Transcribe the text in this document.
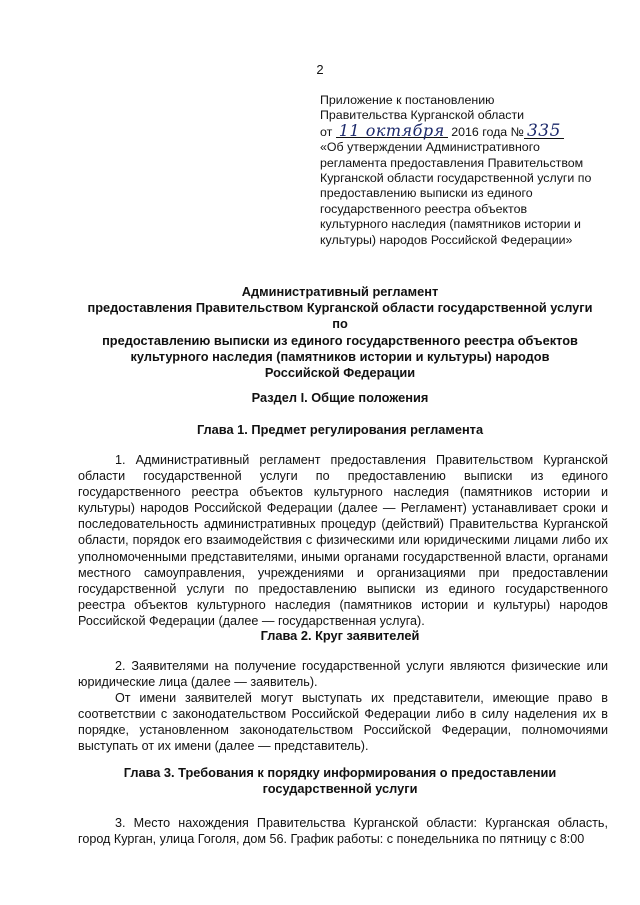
2
Приложение к постановлению
Правительства Курганской области
от 11 октября 2016 года № 335
«Об утверждении Административного
регламента предоставления Правительством
Курганской области государственной услуги по
предоставлению выписки из единого
государственного реестра объектов
культурного наследия (памятников истории и
культуры) народов Российской Федерации»
Административный регламент
предоставления Правительством Курганской области государственной услуги по
предоставлению выписки из единого государственного реестра объектов
культурного наследия (памятников истории и культуры) народов
Российской Федерации
Раздел I. Общие положения
Глава 1. Предмет регулирования регламента
1. Административный регламент предоставления Правительством Курганской области государственной услуги по предоставлению выписки из единого государственного реестра объектов культурного наследия (памятников истории и культуры) народов Российской Федерации (далее — Регламент) устанавливает сроки и последовательность административных процедур (действий) Правительства Курганской области, порядок его взаимодействия с физическими или юридическими лицами либо их уполномоченными представителями, иными органами государственной власти, органами местного самоуправления, учреждениями и организациями при предоставлении государственной услуги по предоставлению выписки из единого государственного реестра объектов культурного наследия (памятников истории и культуры) народов Российской Федерации (далее — государственная услуга).
Глава 2. Круг заявителей
2. Заявителями на получение государственной услуги являются физические или юридические лица (далее — заявитель).
От имени заявителей могут выступать их представители, имеющие право в соответствии с законодательством Российской Федерации либо в силу наделения их в порядке, установленном законодательством Российской Федерации, полномочиями выступать от их имени (далее — представитель).
Глава 3. Требования к порядку информирования о предоставлении
государственной услуги
3. Место нахождения Правительства Курганской области: Курганская область, город Курган, улица Гоголя, дом 56. График работы: с понедельника по пятницу с 8:00
